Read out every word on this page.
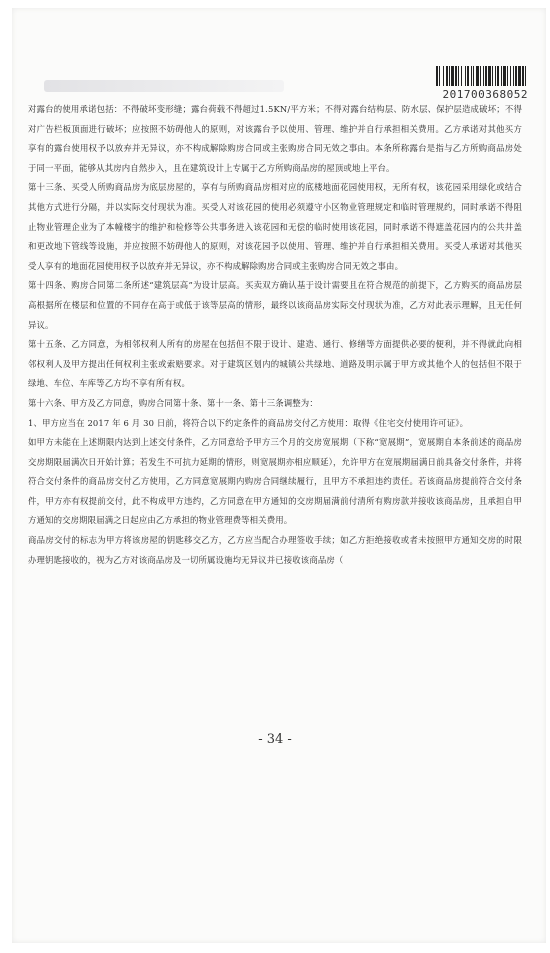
201700368052

对露台的使用承诺包括：不得破坏变形缝；露台荷载不得超过1.5KN/平方米；不得对露台结构层、防水层、保护层造成破坏；不得对广告栏板顶面进行破坏；应按照不妨碍他人的原则，对该露台予以使用、管理、维护并自行承担相关费用。乙方承诺对其他买方享有的露台使用权予以放弃并无异议，亦不构成解除购房合同或主张购房合同无效之事由。本条所称露台是指与乙方所购商品房处于同一平面，能够从其房内自然步入，且在建筑设计上专属于乙方所购商品房的屋顶或地上平台。

第十三条、买受人所购商品房为底层房屋的，享有与所购商品房相对应的底楼地面花园使用权，无所有权，该花园采用绿化或结合其他方式进行分隔，并以实际交付现状为准。买受人对该花园的使用必须遵守小区物业管理规定和临时管理规约，同时承诺不得阻止物业管理企业为了本幢楼宇的维护和检修等公共事务进入该花园和无偿的临时使用该花园，同时承诺不得遮盖花园内的公共井盖和更改地下管线等设施，并应按照不妨碍他人的原则，对该花园予以使用、管理、维护并自行承担相关费用。买受人承诺对其他买受人享有的地面花园使用权予以放弃并无异议，亦不构成解除购房合同或主张购房合同无效之事由。

第十四条、购房合同第二条所述“建筑层高”为设计层高。买卖双方确认基于设计需要且在符合规范的前提下，乙方购买的商品房层高根据所在楼层和位置的不同存在高于或低于该等层高的情形，最终以该商品房实际交付现状为准，乙方对此表示理解，且无任何异议。

第十五条、乙方同意，为相邻权利人所有的房屋在包括但不限于设计、建造、通行、修缮等方面提供必要的便利，并不得就此向相邻权利人及甲方提出任何权利主张或索赔要求。对于建筑区划内的城镇公共绿地、道路及明示属于甲方或其他个人的包括但不限于绿地、车位、车库等乙方均不享有所有权。

第十六条、甲方及乙方同意，购房合同第十条、第十一条、第十三条调整为：

1、甲方应当在 2017 年 6 月 30 日前，将符合以下约定条件的商品房交付乙方使用：取得《住宅交付使用许可证》。

如甲方未能在上述期限内达到上述交付条件，乙方同意给予甲方三个月的交房宽展期（下称“宽展期”，宽展期自本条前述的商品房交房期限届满次日开始计算；若发生不可抗力延期的情形，则宽展期亦相应顺延），允许甲方在宽展期届满日前具备交付条件，并将符合交付条件的商品房交付乙方使用，乙方同意宽展期内购房合同继续履行，且甲方不承担违约责任。若该商品房提前符合交付条件，甲方亦有权提前交付，此不构成甲方违约，乙方同意在甲方通知的交房期届满前付清所有购房款并接收该商品房，且承担自甲方通知的交房期限届满之日起应由乙方承担的物业管理费等相关费用。

商品房交付的标志为甲方将该房屋的钥匙移交乙方，乙方应当配合办理签收手续；如乙方拒绝接收或者未按照甲方通知交房的时限办理钥匙接收的，视为乙方对该商品房及一切所属设施均无异议并已接收该商品房（

- 34 -
